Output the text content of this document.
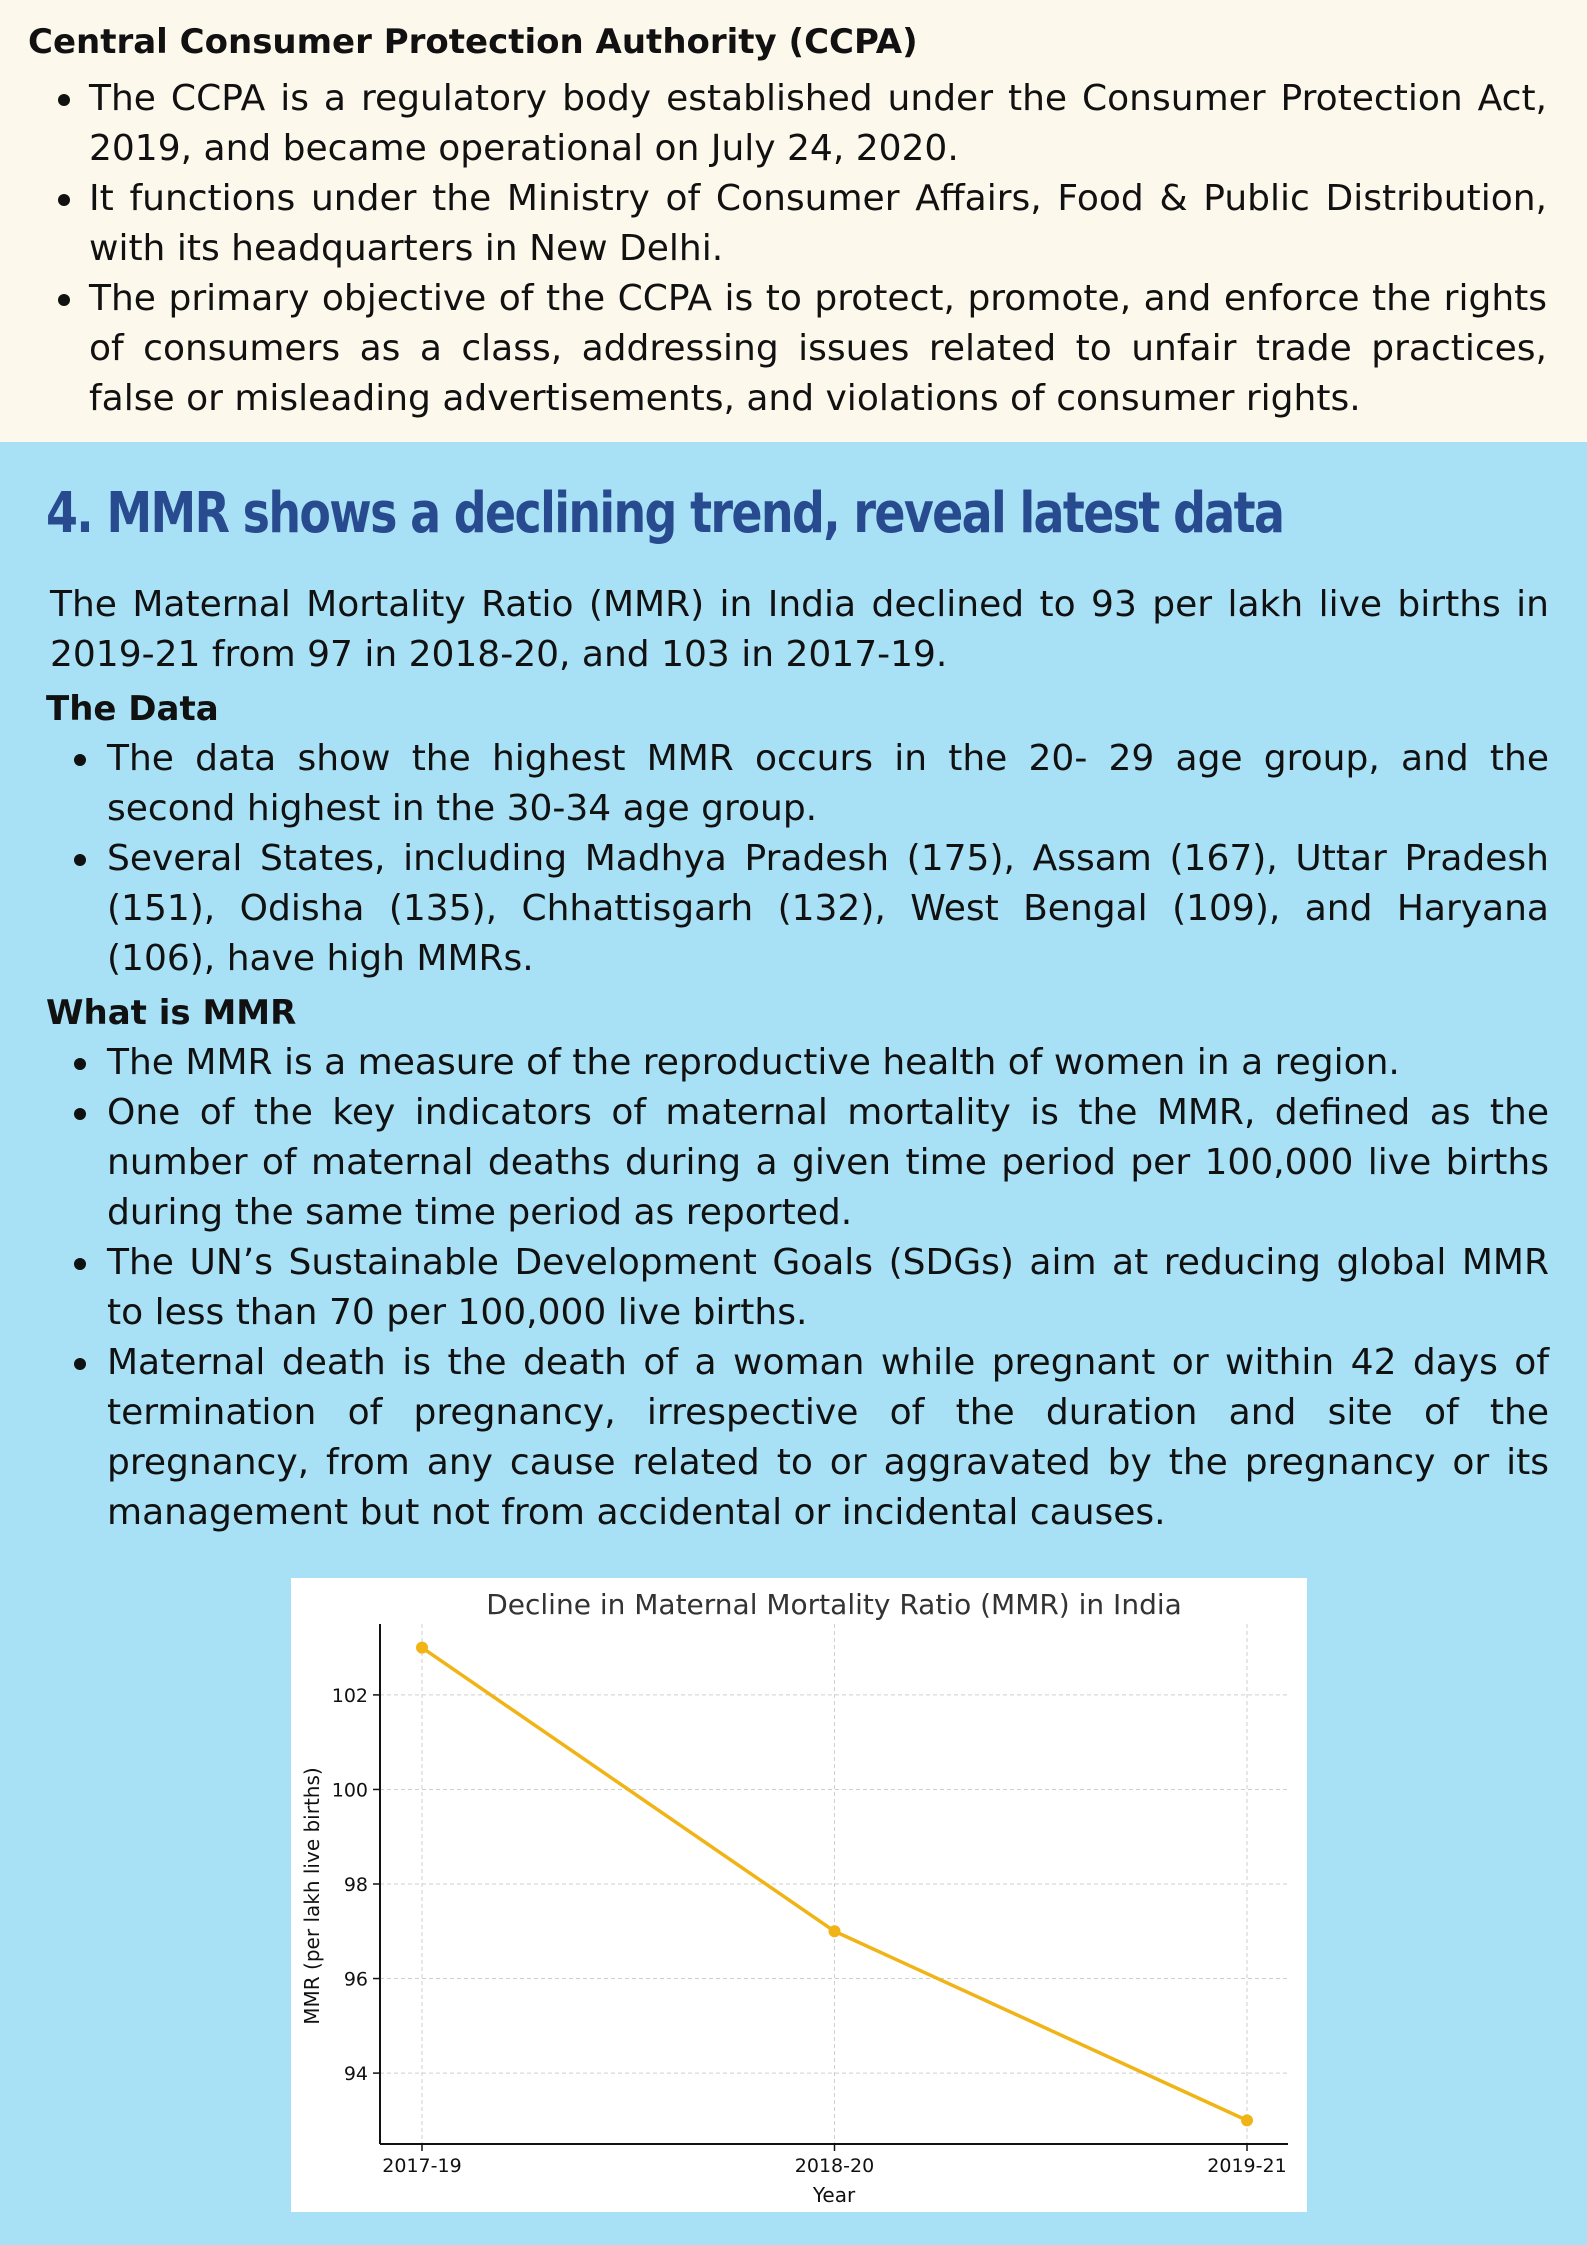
Central Consumer Protection Authority (CCPA)
The CCPA is a regulatory body established under the Consumer Protection Act, 2019, and became operational on July 24, 2020.
It functions under the Ministry of Consumer Affairs, Food & Public Distribution, with its headquarters in New Delhi.
The primary objective of the CCPA is to protect, promote, and enforce the rights of consumers as a class, addressing issues related to unfair trade practices, false or misleading advertisements, and violations of consumer rights.
4. MMR shows a declining trend, reveal latest data

The Maternal Mortality Ratio (MMR) in India declined to 93 per lakh live births in 2019-21 from 97 in 2018-20, and 103 in 2017-19.

The Data
The data show the highest MMR occurs in the 20- 29 age group, and the second highest in the 30-34 age group.
Several States, including Madhya Pradesh (175), Assam (167), Uttar Pradesh (151), Odisha (135), Chhattisgarh (132), West Bengal (109), and Haryana (106), have high MMRs.
What is MMR
The MMR is a measure of the reproductive health of women in a region.
One of the key indicators of maternal mortality is the MMR, defined as the number of maternal deaths during a given time period per 100,000 live births during the same time period as reported.
The UN’s Sustainable Development Goals (SDGs) aim at reducing global MMR to less than 70 per 100,000 live births.
Maternal death is the death of a woman while pregnant or within 42 days of termination of pregnancy, irrespective of the duration and site of the pregnancy, from any cause related to or aggravated by the pregnancy or its management but not from accidental or incidental causes.
Decline in Maternal Mortality Ratio (MMR) in India
94
96
98
100
102
2017-19	2018-20	2019-21
Year
MMR (per lakh live births)
